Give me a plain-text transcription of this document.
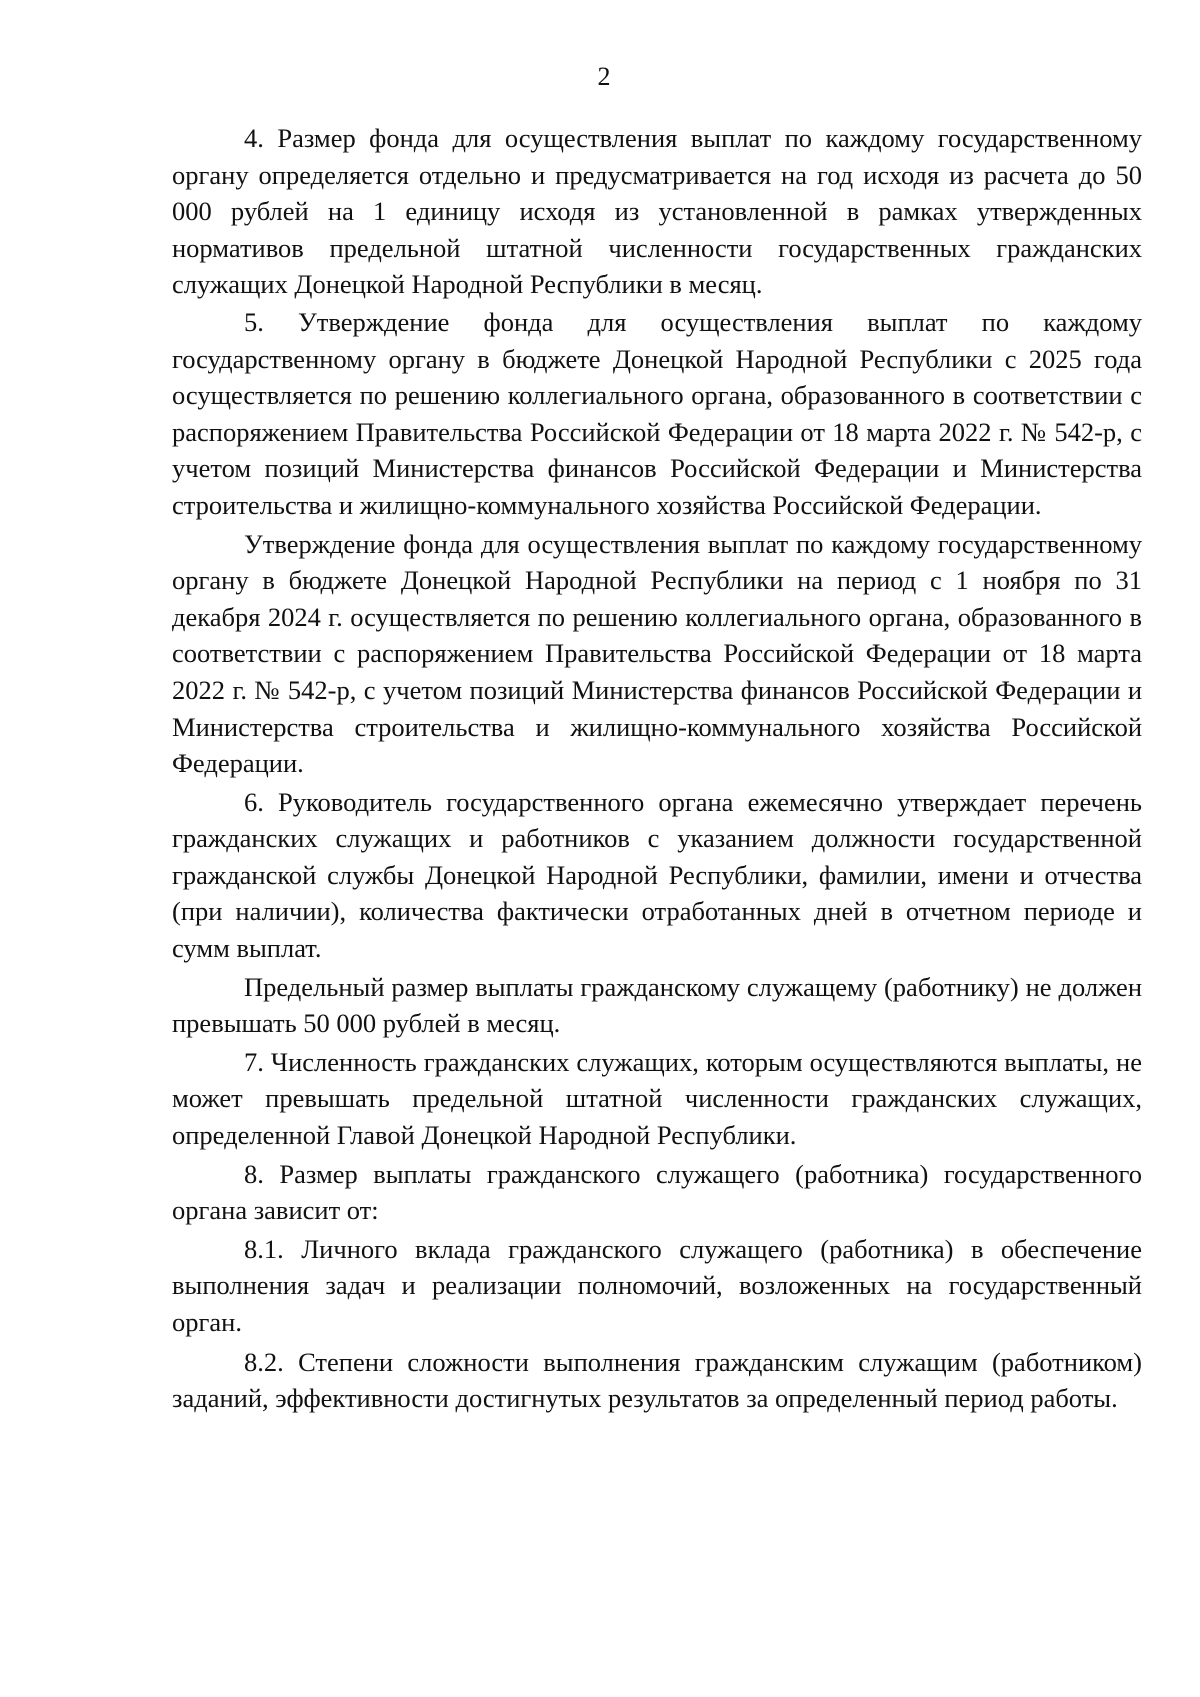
2

4. Размер фонда для осуществления выплат по каждому государственному органу определяется отдельно и предусматривается на год исходя из расчета до 50 000 рублей на 1 единицу исходя из установленной в рамках утвержденных нормативов предельной штатной численности государственных гражданских служащих Донецкой Народной Республики в месяц.

5. Утверждение фонда для осуществления выплат по каждому государственному органу в бюджете Донецкой Народной Республики с 2025 года осуществляется по решению коллегиального органа, образованного в соответствии с распоряжением Правительства Российской Федерации от 18 марта 2022 г. № 542-р, с учетом позиций Министерства финансов Российской Федерации и Министерства строительства и жилищно-коммунального хозяйства Российской Федерации.

Утверждение фонда для осуществления выплат по каждому государственному органу в бюджете Донецкой Народной Республики на период с 1 ноября по 31 декабря 2024 г. осуществляется по решению коллегиального органа, образованного в соответствии с распоряжением Правительства Российской Федерации от 18 марта 2022 г. № 542-р, с учетом позиций Министерства финансов Российской Федерации и Министерства строительства и жилищно-коммунального хозяйства Российской Федерации.

6. Руководитель государственного органа ежемесячно утверждает перечень гражданских служащих и работников с указанием должности государственной гражданской службы Донецкой Народной Республики, фамилии, имени и отчества (при наличии), количества фактически отработанных дней в отчетном периоде и сумм выплат.

Предельный размер выплаты гражданскому служащему (работнику) не должен превышать 50 000 рублей в месяц.

7. Численность гражданских служащих, которым осуществляются выплаты, не может превышать предельной штатной численности гражданских служащих, определенной Главой Донецкой Народной Республики.

8. Размер выплаты гражданского служащего (работника) государственного органа зависит от:

8.1. Личного вклада гражданского служащего (работника) в обеспечение выполнения задач и реализации полномочий, возложенных на государственный орган.

8.2. Степени сложности выполнения гражданским служащим (работником) заданий, эффективности достигнутых результатов за определенный период работы.
